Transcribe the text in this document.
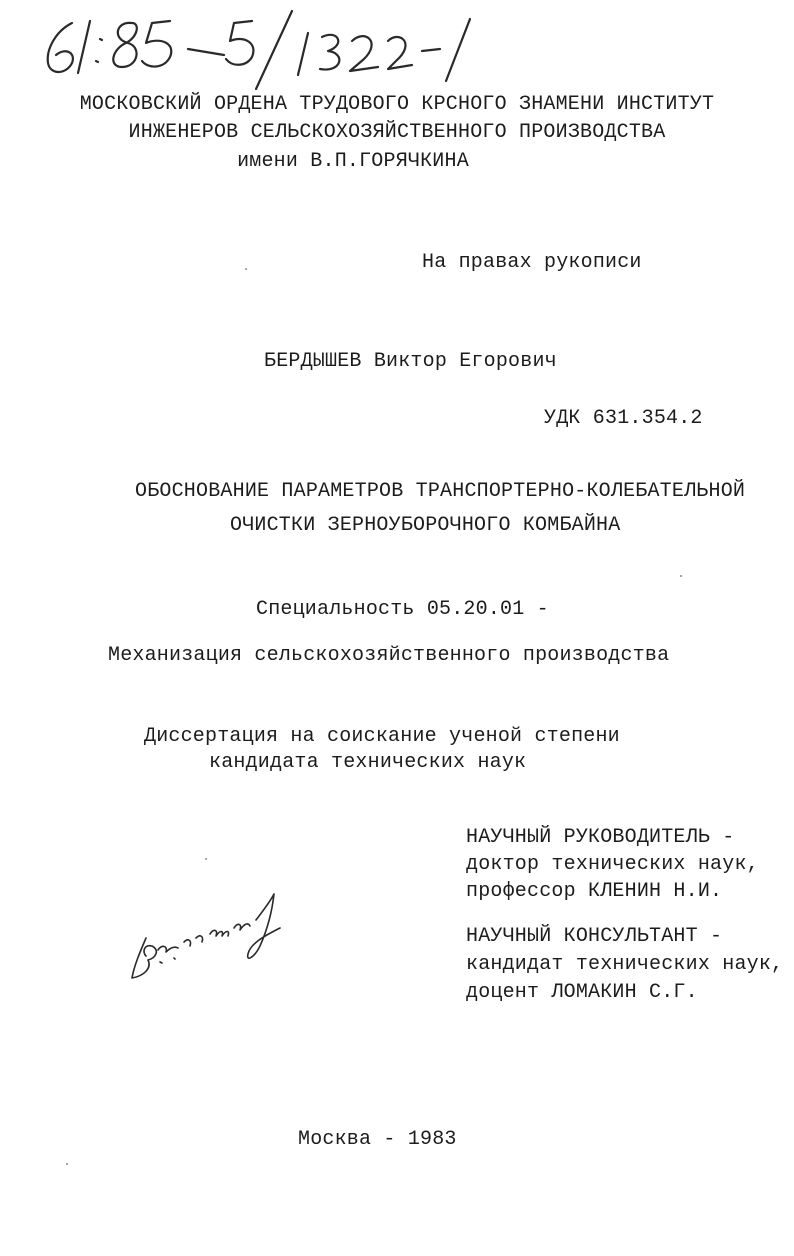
МОСКОВСКИЙ ОРДЕНА ТРУДОВОГО КРСНОГО ЗНАМЕНИ ИНСТИТУТ
ИНЖЕНЕРОВ СЕЛЬСКОХОЗЯЙСТВЕННОГО ПРОИЗВОДСТВА
имени В.П.ГОРЯЧКИНА
На правах рукописи
БЕРДЫШЕВ Виктор Егорович
УДК 631.354.2
ОБОСНОВАНИЕ ПАРАМЕТРОВ ТРАНСПОРТЕРНО-КОЛЕБАТЕЛЬНОЙ
ОЧИСТКИ ЗЕРНОУБОРОЧНОГО КОМБАЙНА
Специальность 05.20.01 -
Механизация сельскохозяйственного производства
Диссертация на соискание ученой степени
кандидата технических наук
НАУЧНЫЙ РУКОВОДИТЕЛЬ -
доктор технических наук,
профессор КЛЕНИН Н.И.
НАУЧНЫЙ КОНСУЛЬТАНТ -
кандидат технических наук,
доцент ЛОМАКИН С.Г.
Москва - 1983
